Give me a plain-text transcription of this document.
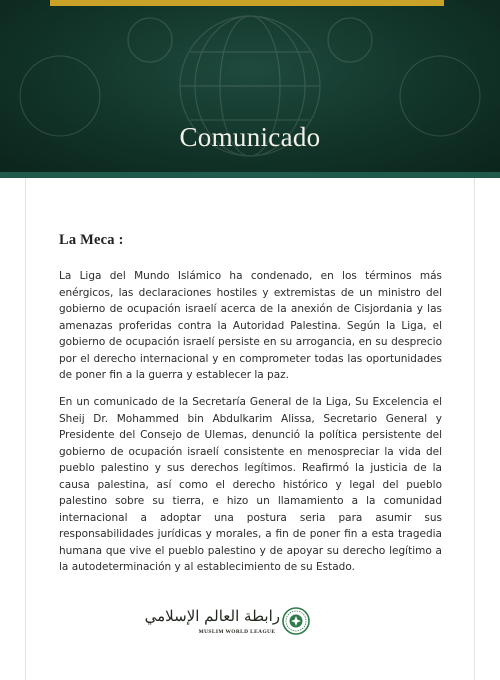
Comunicado
La Meca :

La Liga del Mundo Islámico ha condenado, en los términos más enérgicos, las declaraciones hostiles y extremistas de un ministro del gobierno de ocupación israelí acerca de la anexión de Cisjordania y las amenazas proferidas contra la Autoridad Palestina. Según la Liga, el gobierno de ocupación israelí persiste en su arrogancia, en su desprecio por el derecho internacional y en comprometer todas las oportunidades de poner fin a la guerra y establecer la paz.

En un comunicado de la Secretaría General de la Liga, Su Excelencia el Sheij Dr. Mohammed bin Abdulkarim Alissa, Secretario General y Presidente del Consejo de Ulemas, denunció la política persistente del gobierno de ocupación israelí consistente en menospreciar la vida del pueblo palestino y sus derechos legítimos. Reafirmó la justicia de la causa palestina, así como el derecho histórico y legal del pueblo palestino sobre su tierra, e hizo un llamamiento a la comunidad internacional a adoptar una postura seria para asumir sus responsabilidades jurídicas y morales, a fin de poner fin a esta tragedia humana que vive el pueblo palestino y de apoyar su derecho legítimo a la autodeterminación y al establecimiento de su Estado.

رابطة العالم الإسلامي
MUSLIM WORLD LEAGUE
